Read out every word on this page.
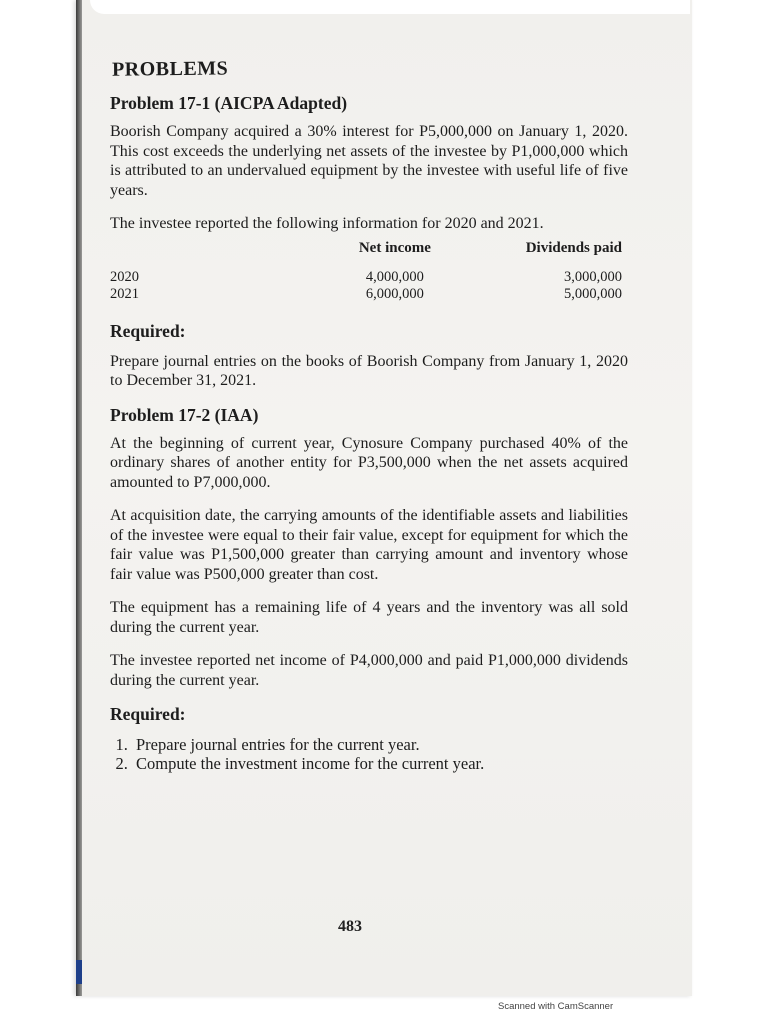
PROBLEMS
Problem 17-1 (AICPA Adapted)

Boorish Company acquired a 30% interest for P5,000,000 on January 1, 2020. This cost exceeds the underlying net assets of the investee by P1,000,000 which is attributed to an undervalued equipment by the investee with useful life of five years.

The investee reported the following information for 2020 and 2021.

	Net income	Dividends paid
2020	4,000,000	3,000,000
2021	6,000,000	5,000,000
Required:

Prepare journal entries on the books of Boorish Company from January 1, 2020 to December 31, 2021.

Problem 17-2 (IAA)

At the beginning of current year, Cynosure Company purchased 40% of the ordinary shares of another entity for P3,500,000 when the net assets acquired amounted to P7,000,000.

At acquisition date, the carrying amounts of the identifiable assets and liabilities of the investee were equal to their fair value, except for equipment for which the fair value was P1,500,000 greater than carrying amount and inventory whose fair value was P500,000 greater than cost.

The equipment has a remaining life of 4 years and the inventory was all sold during the current year.

The investee reported net income of P4,000,000 and paid P1,000,000 dividends during the current year.

Required:
1. Prepare journal entries for the current year.
2. Compute the investment income for the current year.
483
Scanned with CamScanner
